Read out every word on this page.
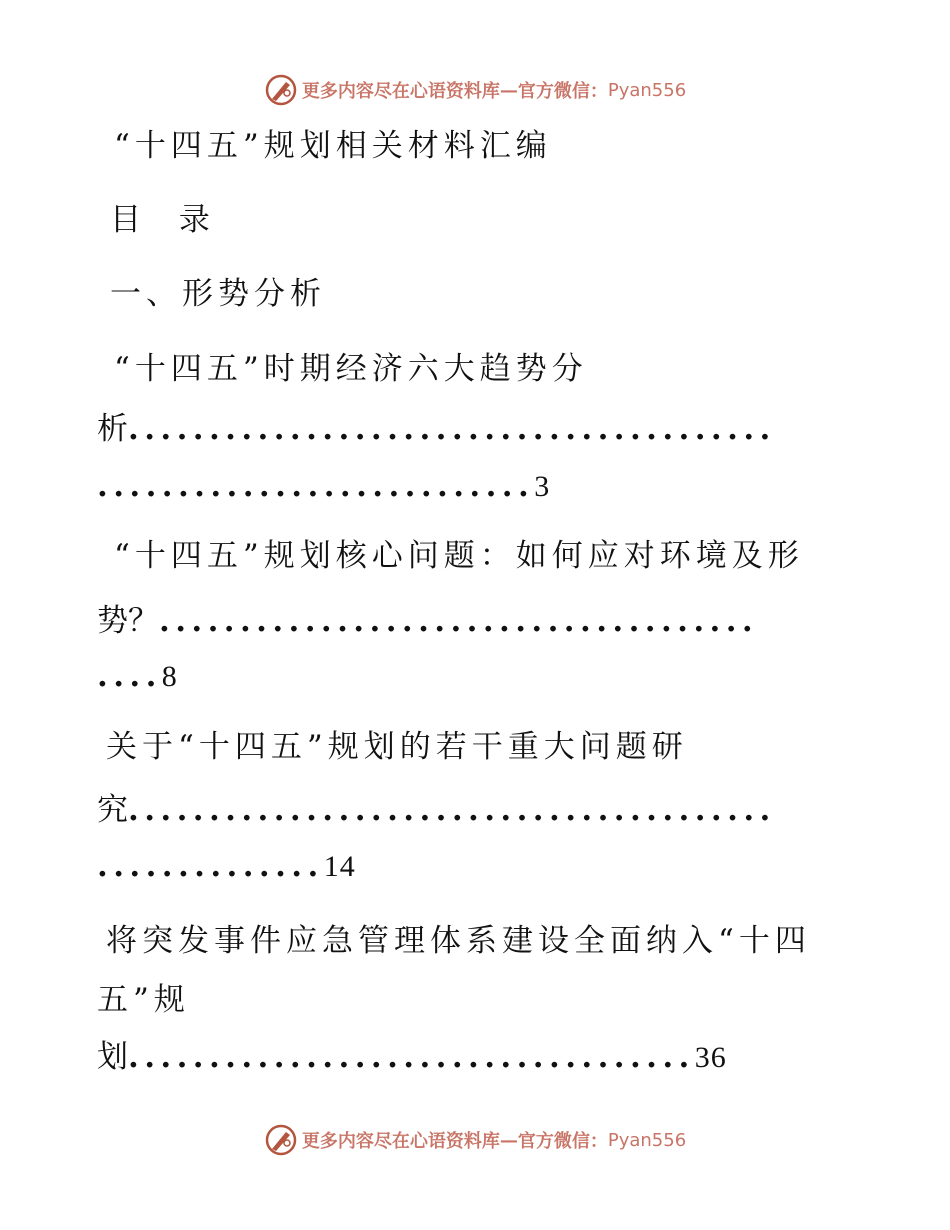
更多内容尽在心语资料库 — 官方微信： Pyan556
“十四五”规划相关材料汇编
目 录
一、形势分析
“十四五”时期经济六大趋势分
析........................................
...........................3
“十四五”规划核心问题：如何应对环境及形
势？.....................................
....8
关于“十四五”规划的若干重大问题研
究........................................
..............14
将突发事件应急管理体系建设全面纳入“十四
五”规
划...................................36
更多内容尽在心语资料库 — 官方微信： Pyan556
